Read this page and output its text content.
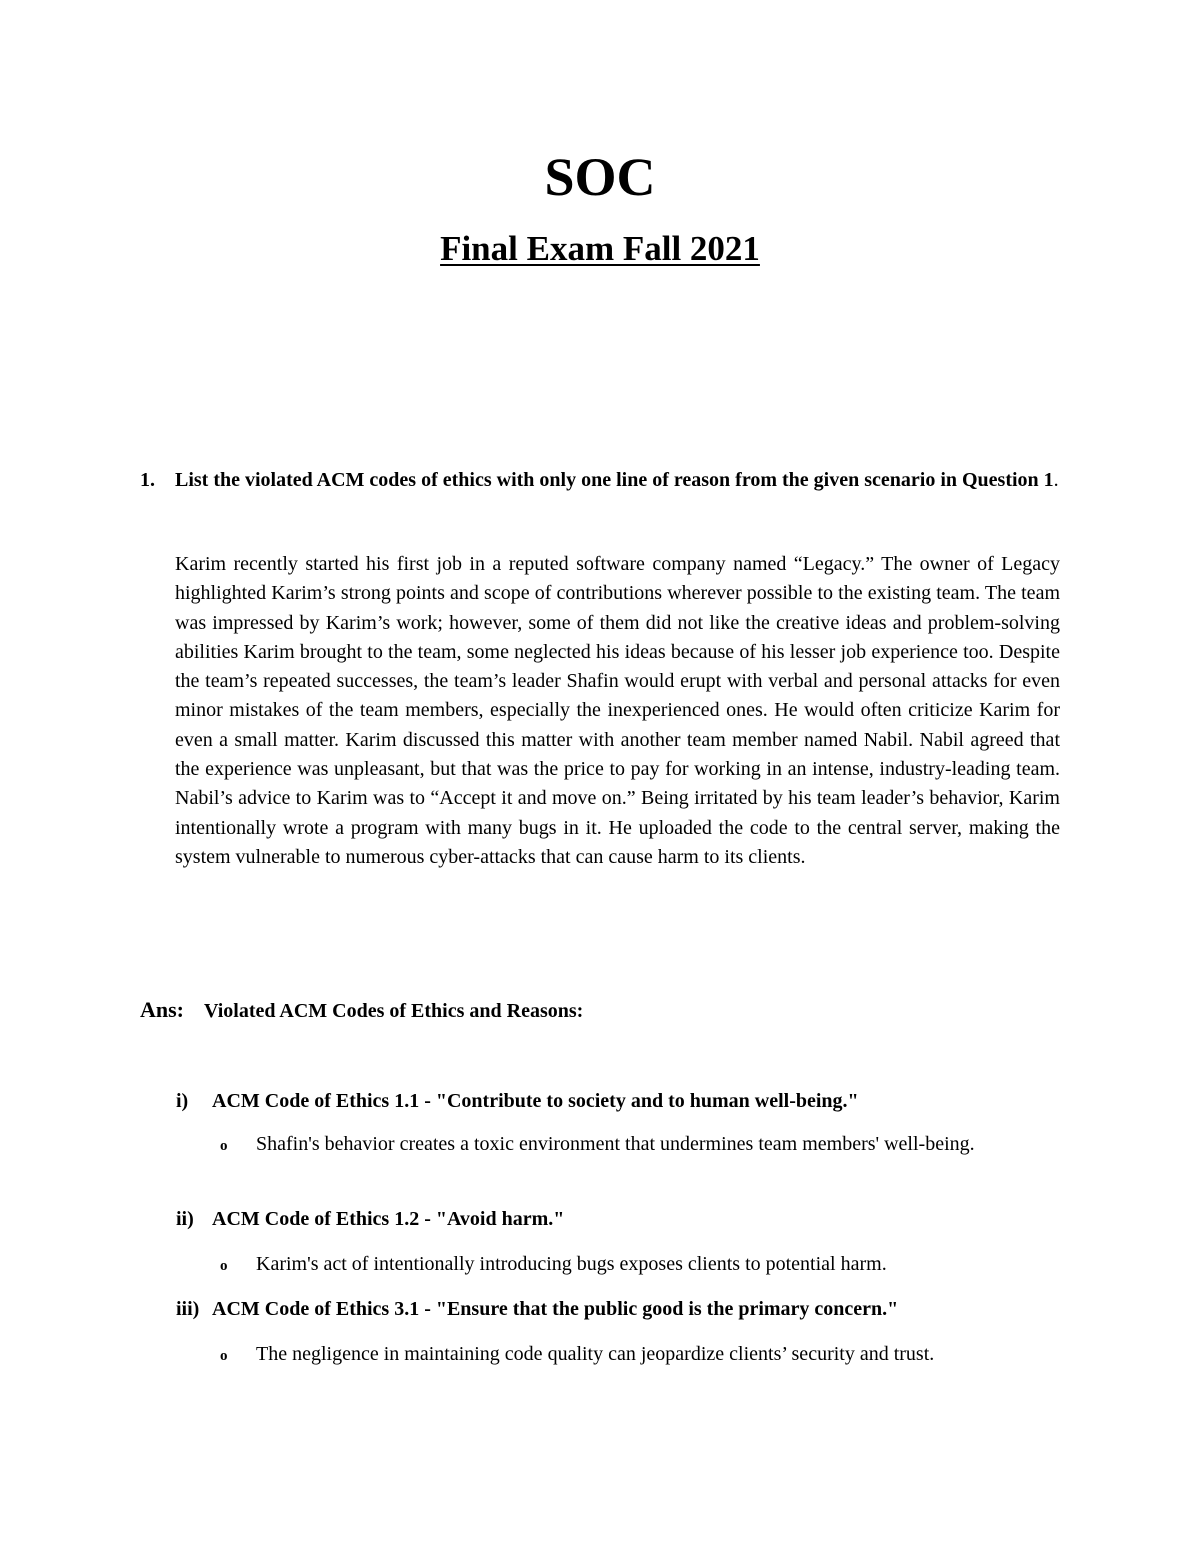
SOC
Final Exam Fall 2021
1. List the violated ACM codes of ethics with only one line of reason from the given scenario in Question 1.

Karim recently started his first job in a reputed software company named “Legacy.” The owner of Legacy highlighted Karim’s strong points and scope of contributions wherever possible to the existing team. The team was impressed by Karim’s work; however, some of them did not like the creative ideas and problem-solving abilities Karim brought to the team, some neglected his ideas because of his lesser job experience too. Despite the team’s repeated successes, the team’s leader Shafin would erupt with verbal and personal attacks for even minor mistakes of the team members, especially the inexperienced ones. He would often criticize Karim for even a small matter. Karim discussed this matter with another team member named Nabil. Nabil agreed that the experience was unpleasant, but that was the price to pay for working in an intense, industry-leading team. Nabil’s advice to Karim was to “Accept it and move on.” Being irritated by his team leader’s behavior, Karim intentionally wrote a program with many bugs in it. He uploaded the code to the central server, making the system vulnerable to numerous cyber-attacks that can cause harm to its clients.

Ans: Violated ACM Codes of Ethics and Reasons:

i) ACM Code of Ethics 1.1 - "Contribute to society and to human well-being."

o Shafin's behavior creates a toxic environment that undermines team members' well-being.

ii) ACM Code of Ethics 1.2 - "Avoid harm."

o Karim's act of intentionally introducing bugs exposes clients to potential harm.

iii) ACM Code of Ethics 3.1 - "Ensure that the public good is the primary concern."

o The negligence in maintaining code quality can jeopardize clients’ security and trust.
